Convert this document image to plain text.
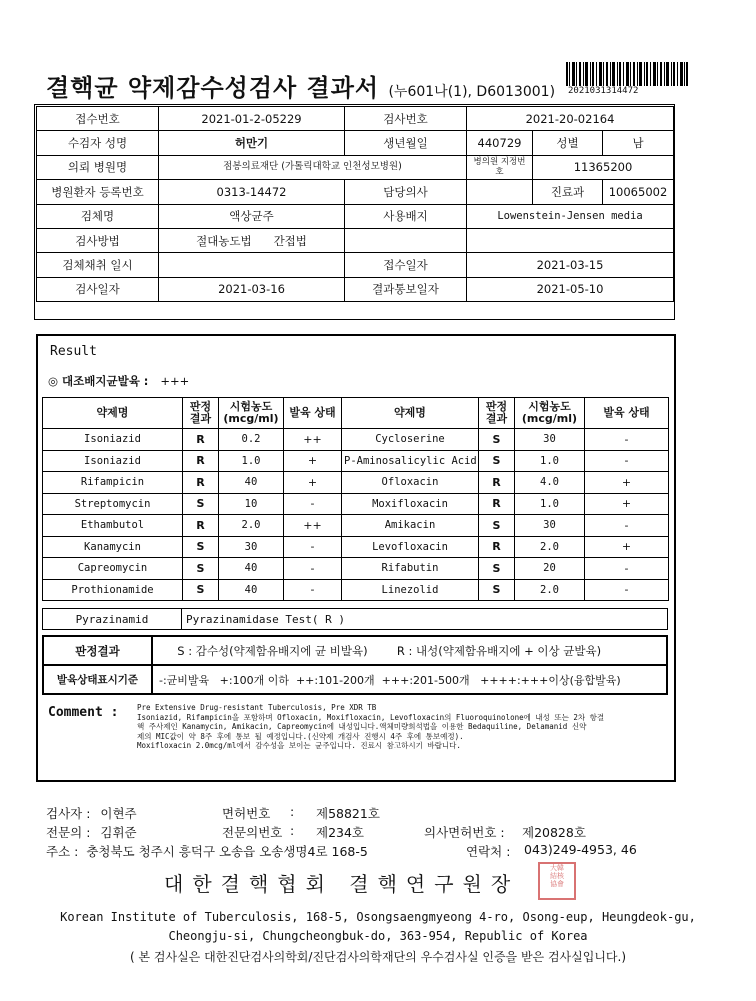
결핵균 약제감수성검사 결과서 (누601나(1), D6013001) 2021031314472
접수번호	2021-01-2-05229	검사번호	2021-20-02164		
수검자 성명	허만기	생년월일	440729	성별	남
의뢰 병원명	점봉의료재단 (가톨릭대학교 인천성모병원)		병의원 지정번호	11365200	
병원환자 등록번호	0313-14472	담당의사		진료과	10065002
검체명	액상균주	사용배지	Lowenstein-Jensen media		
검사방법	절대농도법 간접법				
검체채취 일시		접수일자	2021-03-15		
검사일자	2021-03-16	결과통보일자	2021-05-10		
Result
◎ 대조배지균발육 : +++
약제명	판정 결과	시험농도 (mcg/ml)	발육 상태	약제명	판정 결과	시험농도 (mcg/ml)	발육 상태
Isoniazid	R	0.2	++	Cycloserine	S	30	-
Isoniazid	R	1.0	+	P-Aminosalicylic Acid	S	1.0	-
Rifampicin	R	40	+	Ofloxacin	R	4.0	+
Streptomycin	S	10	-	Moxifloxacin	R	1.0	+
Ethambutol	R	2.0	++	Amikacin	S	30	-
Kanamycin	S	30	-	Levofloxacin	R	2.0	+
Capreomycin	S	40	-	Rifabutin	S	20	-
Prothionamide	S	40	-	Linezolid	S	2.0	-
Pyrazinamid	Pyrazinamidase Test( R )
판정결과	S : 감수성(약제함유배지에 균 비발육) R : 내성(약제함유배지에 + 이상 균발육)
발육상태표시기준	-:균비발육   +:100개 이하  ++:101-200개  +++:201-500개   ++++:+++이상(융합발육)
Comment : Pre Extensive Drug-resistant Tuberculosis, Pre XDR TB
Isoniazid, Rifampicin을 포함하며 Ofloxacin, Moxifloxacin, Levofloxacin의 Fluoroquinolone에 내성 또는 2차 항결
핵 주사제인 Kanamycin, Amikacin, Capreomycin에 내성입니다.액체미량희석법을 이용한 Bedaquiline, Delamanid 신약
제의 MIC값이 약 8주 후에 통보 될 예정입니다.(신약제 개검사 진행시 4주 후에 통보예정).
Moxifloxacin 2.0mcg/ml에서 감수성을 보이는 균주입니다. 진료시 참고하시기 바랍니다.
검사자 : 이현주	면허번호 : 제58821호
전문의 : 김휘준	전문의번호 : 제234호	의사면허번호 : 제20828호
주소 : 충청북도 청주시 흥덕구 오송읍 오송생명4로 168-5	연락처 : 043)249-4953, 46
대한결핵협회 결핵연구원장
大韓
結核
協會
Korean Institute of Tuberculosis, 168-5, Osongsaengmyeong 4-ro, Osong-eup, Heungdeok-gu,
Cheongju-si, Chungcheongbuk-do, 363-954, Republic of Korea
( 본 검사실은 대한진단검사의학회/진단검사의학재단의 우수검사실 인증을 받은 검사실입니다.)
